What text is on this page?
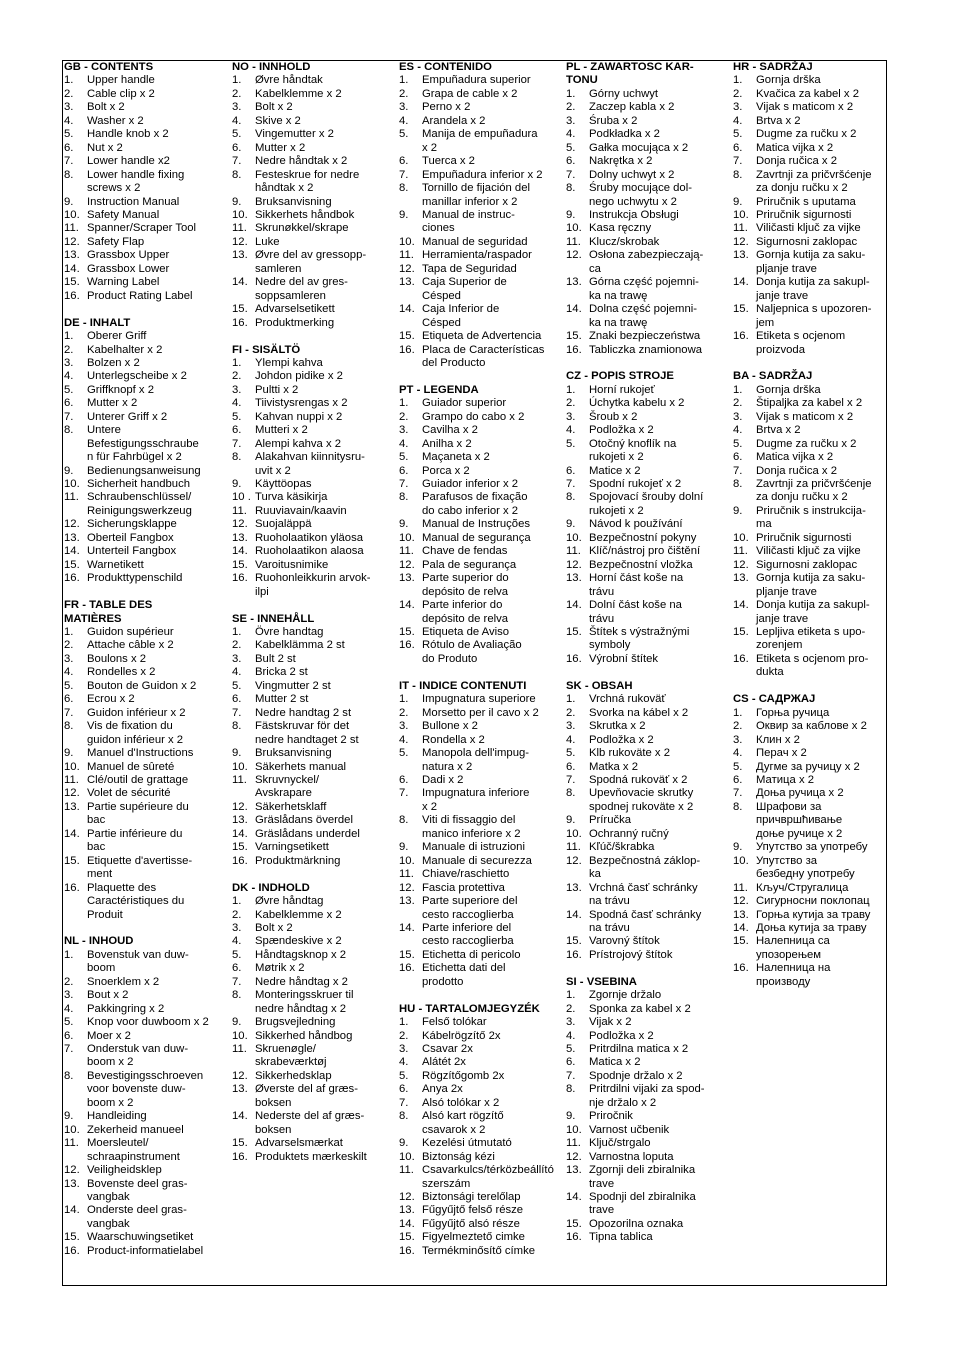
GB - CONTENTS
1.	Upper handle
2.	Cable clip x 2
3.	Bolt x 2
4.	Washer x 2
5.	Handle knob x 2
6.	Nut x 2
7.	Lower handle x2
8.	Lower handle fixing
screws x 2
9.	Instruction Manual
10. Safety Manual
11. Spanner/Scraper Tool
12. Safety Flap
13. Grassbox Upper
14. Grassbox Lower
15. Warning Label
16. Product Rating Label
DE - INHALT
1.	Oberer Griff
2.	Kabelhalter x 2
3.	Bolzen x 2
4.	Unterlegscheibe x 2
5.	Griffknopf x 2
6.	Mutter x 2
7.	Unterer Griff x 2
8.	Untere
Befestigungsschraube
n für Fahrbügel x 2
9.	Bedienungsanweisung
10. Sicherheit handbuch
11. Schraubenschlüssel/
Reinigungswerkzeug
12. Sicherungsklappe
13. Oberteil Fangbox
14. Unterteil Fangbox
15. Warnetikett
16. Produkttypenschild
FR - TABLE DES
MATIÈRES
1.	Guidon supérieur
2.	Attache câble x 2
3.	Boulons x 2
4.	Rondelles x 2
5.	Bouton de Guidon x 2
6.	Ecrou x 2
7.	Guidon inférieur x 2
8.	Vis de fixation du
guidon inférieur x 2
9.	Manuel d'Instructions
10. Manuel de sûreté
11. Clé/outil de grattage
12. Volet de sécurité
13. Partie supérieure du
bac
14. Partie inférieure du
bac
15. Etiquette d'avertisse-
ment
16. Plaquette des
Caractéristiques du
Produit
NL - INHOUD
1.	Bovenstuk van duw-
boom
2.	Snoerklem x 2
3.	Bout x 2
4.	Pakkingring x 2
5.	Knop voor duwboom x 2
6.	Moer x 2
7.	Onderstuk van duw-
boom x 2
8.	Bevestigingsschroeven
voor bovenste duw-
boom x 2
9.	Handleiding
10. Zekerheid manueel
11. Moersleutel/
schraapinstrument
12. Veiligheidsklep
13. Bovenste deel gras-
vangbak
14. Onderste deel gras-
vangbak
15. Waarschuwingsetiket
16. Product-informatielabel
NO - INNHOLD
1.	Øvre håndtak
2.	Kabelklemme x 2
3.	Bolt x 2
4.	Skive x 2
5.	Vingemutter x 2
6.	Mutter x 2
7.	Nedre håndtak x 2
8.	Festeskrue for nedre
håndtak x 2
9.	Bruksanvisning
10. Sikkerhets håndbok
11. Skrunøkkel/skrape
12. Luke
13. Øvre del av gressopp-
samleren
14. Nedre del av gres-
soppsamleren
15. Advarselsetikett
16. Produktmerking
FI - SISÄLTÖ
1.	Ylempi kahva
2.	Johdon pidike x 2
3.	Pultti x 2
4.	Tiivistysrengas x 2
5.	Kahvan nuppi x 2
6.	Mutteri x 2
7.	Alempi kahva x 2
8.	Alakahvan kiinnitysru-
uvit x 2
9.	Käyttöopas
10 . Turva käsikirja
11. Ruuviavain/kaavin
12. Suojaläppä
13. Ruoholaatikon yläosa
14. Ruoholaatikon alaosa
15. Varoitusnimike
16. Ruohonleikkurin arvok-
ilpi
SE - INNEHÅLL
1.	Övre handtag
2.	Kabelklämma 2 st
3.	Bult 2 st
4.	Bricka 2 st
5.	Vingmutter 2 st
6.	Mutter 2 st
7.	Nedre handtag 2 st
8.	Fästskruvar för det
nedre handtaget 2 st
9.	Bruksanvisning
10. Säkerhets manual
11. Skruvnyckel/
Avskrapare
12. Säkerhetsklaff
13. Gräslådans överdel
14. Gräslådans underdel
15. Varningsetikett
16. Produktmärkning
DK - INDHOLD
1.	Øvre håndtag
2.	Kabelklemme x 2
3.	Bolt x 2
4.	Spændeskive x 2
5.	Håndtagsknop x 2
6.	Møtrik x 2
7.	Nedre håndtag x 2
8.	Monteringsskruer til
nedre håndtag x 2
9.	Brugsvejledning
10. Sikkerhed håndbog
11. Skruenøgle/
skrabeværktøj
12. Sikkerhedsklap
13. Øverste del af græs-
boksen
14. Nederste del af græs-
boksen
15. Advarselsmærkat
16. Produktets mærkeskilt
ES - CONTENIDO
1.	Empuñadura superior
2.	Grapa de cable x 2
3.	Perno x 2
4.	Arandela x 2
5.	Manija de empuñadura
x 2
6.	Tuerca x 2
7.	Empuñadura inferior x 2
8.	Tornillo de fijación del
manillar inferior x 2
9.	Manual de instruc-
ciones
10. Manual de seguridad
11. Herramienta/raspador
12. Tapa de Seguridad
13. Caja Superior de
Césped
14. Caja Inferior de
Césped
15. Etiqueta de Advertencia
16. Placa de Características
del Producto
PT - LEGENDA
1.	Guiador superior
2.	Grampo do cabo x 2
3.	Cavilha x 2
4.	Anilha x 2
5.	Maçaneta x 2
6.	Porca x 2
7.	Guiador inferior x 2
8.	Parafusos de fixação
do cabo inferior x 2
9.	Manual de Instruções
10. Manual de segurança
11. Chave de fendas
12. Pala de segurança
13. Parte superior do
depósito de relva
14. Parte inferior do
depósito de relva
15. Etiqueta de Aviso
16. Rótulo de Avaliação
do Produto
IT - INDICE CONTENUTI
1.	Impugnatura superiore
2.	Morsetto per il cavo x 2
3.	Bullone x 2
4.	Rondella x 2
5.	Manopola dell'impug-
natura x 2
6.	Dadi x 2
7.	Impugnatura inferiore
x 2
8.	Viti di fissaggio del
manico inferiore x 2
9.	Manuale di istruzioni
10. Manuale di securezza
11. Chiave/raschietto
12. Fascia protettiva
13. Parte superiore del
cesto raccoglierba
14. Parte inferiore del
cesto raccoglierba
15. Etichetta di pericolo
16. Etichetta dati del
prodotto
HU - TARTALOMJEGYZÉK
1.	Felső tolókar
2.	Kábelrögzítő 2x
3.	Csavar 2x
4.	Alátét 2x
5.	Rögzítőgomb 2x
6.	Anya 2x
7.	Alsó tolókar x 2
8.	Alsó kart rögzítő
csavarok x 2
9.	Kezelési útmutató
10. Biztonság kézi
11. Csavarkulcs/térközbeállító
szerszám
12. Biztonsági terelőlap
13. Fűgyűjtő felső része
14. Fűgyűjtő alsó része
15. Figyelmeztető cimke
16. Termékminősítő címke
PL - ZAWARTOSC KAR-
TONU
1.	Górny uchwyt
2.	Zaczep kabla x 2
3.	Śruba x 2
4.	Podkładka x 2
5.	Gałka mocująca x 2
6.	Nakrętka x 2
7.	Dolny uchwyt x 2
8.	Śruby mocujące dol-
nego uchwytu x 2
9.	Instrukcja Obsługi
10. Kasa ręczny
11. Klucz/skrobak
12. Osłona zabezpieczają-
ca
13. Górna część pojemni-
ka na trawę
14. Dolna część pojemni-
ka na trawę
15. Znaki bezpieczeństwa
16. Tabliczka znamionowa
CZ - POPIS STROJE
1.	Horní rukojeť
2.	Úchytka kabelu x 2
3.	Šroub x 2
4.	Podložka x 2
5.	Otočný knoflík na
rukojeti x 2
6.	Matice x 2
7.	Spodní rukojeť x 2
8.	Spojovací šrouby dolní
rukojeti x 2
9.	Návod k používání
10. Bezpečnostní pokyny
11. Klíč/nástroj pro čištění
12. Bezpečnostní vložka
13. Horní část koše na
trávu
14. Dolní část koše na
trávu
15. Štítek s výstražnými
symboly
16. Výrobní štítek
SK - OBSAH
1.	Vrchná rukoväť
2.	Svorka na kábel x 2
3.	Skrutka x 2
4.	Podložka x 2
5.	Klb rukoväte x 2
6.	Matka x 2
7.	Spodná rukoväť x 2
8.	Upevňovacie skrutky
spodnej rukoväte x 2
9.	Príručka
10. Ochranný ručný
11. Kľúč/škrabka
12. Bezpečnostná záklop-
ka
13. Vrchná časť schránky
na trávu
14. Spodná časť schránky
na trávu
15. Varovný štítok
16. Prístrojový štítok
SI - VSEBINA
1.	Zgornje držalo
2.	Sponka za kabel x 2
3.	Vijak x 2
4.	Podložka x 2
5.	Pritrdilna matica x 2
6.	Matica x 2
7.	Spodnje držalo x 2
8.	Pritrdilni vijaki za spod-
nje držalo x 2
9.	Priročnik
10. Varnost učbenik
11. Ključ/strgalo
12. Varnostna loputa
13. Zgornji deli zbiralnika
trave
14. Spodnji del zbiralnika
trave
15. Opozorilna oznaka
16. Tipna tablica
HR - SADRŽAJ
1.	Gornja drška
2.	Kvačica za kabel x 2
3.	Vijak s maticom x 2
4.	Brtva x 2
5.	Dugme za ručku x 2
6.	Matica vijka x 2
7.	Donja ručica x 2
8.	Zavrtnji za pričvršćenje
za donju ručku x 2
9.	Priručnik s uputama
10. Priručnik sigurnosti
11. Viličasti ključ za vijke
12. Sigurnosni zaklopac
13. Gornja kutija za saku-
pljanje trave
14. Donja kutija za sakupl-
janje trave
15. Naljepnica s upozoren-
jem
16. Etiketa s ocjenom
proizvoda
BA - SADRŽAJ
1.	Gornja drška
2.	Štipaljka za kabel x 2
3.	Vijak s maticom x 2
4.	Brtva x 2
5.	Dugme za ručku x 2
6.	Matica vijka x 2
7.	Donja ručica x 2
8.	Zavrtnji za pričvršćenje
za donju ručku x 2
9.	Priručnik s instrukcija-
ma
10. Priručnik sigurnosti
11. Viličasti ključ za vijke
12. Sigurnosni zaklopac
13. Gornja kutija za saku-
pljanje trave
14. Donja kutija za sakupl-
janje trave
15. Lepljiva etiketa s upo-
zorenjem
16. Etiketa s ocjenom pro-
dukta
CS - САДРЖАЈ
1.	Горња ручица
2.	Оквир за каблове x 2
3.	Клин x 2
4.	Перач x 2
5.	Дугме за ручицу x 2
6.	Матица x 2
7.	Доња ручица x 2
8.	Шрафови за
причвршћивање
доње ручице x 2
9.	Упутство за употребу
10. Упутство за
безбедну употребу
11. Кључ/Стругалица
12. Сигурносни поклопац
13. Горња кутија за траву
14. Доња кутија за траву
15. Налепница са
упозорењем
16. Налепница на
производу
